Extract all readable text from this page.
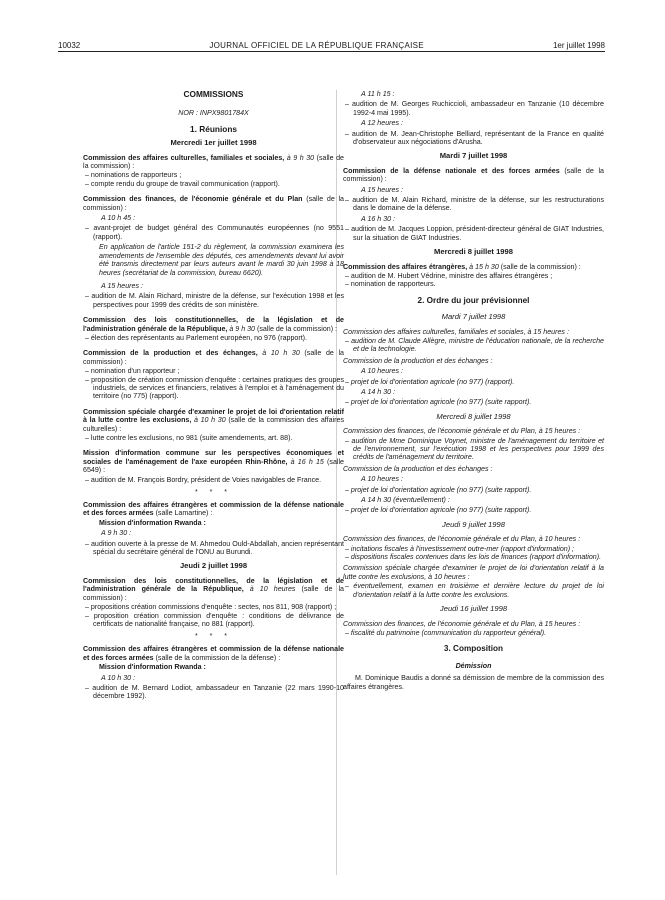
10032	JOURNAL OFFICIEL DE LA RÉPUBLIQUE FRANÇAISE	1er juillet 1998
COMMISSIONS
NOR : INPX9801784X
1. Réunions
Mercredi 1er juillet 1998
Commission des affaires culturelles, familiales et sociales, à 9 h 30 (salle de la commission) :
– nominations de rapporteurs ;
– compte rendu du groupe de travail communication (rapport).
Commission des finances, de l'économie générale et du Plan (salle de la commission) :
A 10 h 45 :
– avant-projet de budget général des Communautés européennes (no 9551 (rapport).
En application de l'article 151-2 du règlement, la commission examinera les amendements de l'ensemble des députés, ces amendements devant lui avoir été transmis directement par leurs auteurs avant le mardi 30 juin 1998 à 18 heures (secrétariat de la commission, bureau 6620).
A 15 heures :
– audition de M. Alain Richard, ministre de la défense, sur l'exécution 1998 et les perspectives pour 1999 des crédits de son ministère.
Commission des lois constitutionnelles, de la législation et de l'administration générale de la République, à 9 h 30 (salle de la commission) :
– élection des représentants au Parlement européen, no 976 (rapport).
Commission de la production et des échanges, à 10 h 30 (salle de la commission) :
– nomination d'un rapporteur ;
– proposition de création commission d'enquête : certaines pratiques des groupes industriels, de services et financiers, relatives à l'emploi et à l'aménagement du territoire (no 775) (rapport).
Commission spéciale chargée d'examiner le projet de loi d'orientation relatif à la lutte contre les exclusions, à 10 h 30 (salle de la commission des affaires culturelles) :
– lutte contre les exclusions, no 981 (suite amendements, art. 88).
Mission d'information commune sur les perspectives économiques et sociales de l'aménagement de l'axe européen Rhin-Rhône, à 16 h 15 (salle 6549) :
– audition de M. François Bordry, président de Voies navigables de France.
* * *
Commission des affaires étrangères et commission de la défense nationale et des forces armées (salle Lamartine) :
Mission d'information Rwanda :
A 9 h 30 :
– audition ouverte à la presse de M. Ahmedou Ould-Abdallah, ancien représentant spécial du secrétaire général de l'ONU au Burundi.
Jeudi 2 juillet 1998
Commission des lois constitutionnelles, de la législation et de l'administration générale de la République, à 10 heures (salle de la commission) :
– propositions création commissions d'enquête : sectes, nos 811, 908 (rapport) ;
– proposition création commission d'enquête : conditions de délivrance de certificats de nationalité française, no 881 (rapport).
* * *
Commission des affaires étrangères et commission de la défense nationale et des forces armées (salle de la commission de la défense) :
Mission d'information Rwanda :
A 10 h 30 :
– audition de M. Bernard Lodiot, ambassadeur en Tanzanie (22 mars 1990-10 décembre 1992).
A 11 h 15 :
– audition de M. Georges Ruchiccioli, ambassadeur en Tanzanie (10 décembre 1992-4 mai 1995).
A 12 heures :
– audition de M. Jean-Christophe Belliard, représentant de la France en qualité d'observateur aux négociations d'Arusha.
Mardi 7 juillet 1998
Commission de la défense nationale et des forces armées (salle de la commission) :
A 15 heures :
– audition de M. Alain Richard, ministre de la défense, sur les restructurations dans le domaine de la défense.
A 16 h 30 :
– audition de M. Jacques Loppion, président-directeur général de GIAT Industries, sur la situation de GIAT Industries.
Mercredi 8 juillet 1998
Commission des affaires étrangères, à 15 h 30 (salle de la commission) :
– audition de M. Hubert Védrine, ministre des affaires étrangères ;
– nomination de rapporteurs.
2. Ordre du jour prévisionnel
Mardi 7 juillet 1998
Commission des affaires culturelles, familiales et sociales, à 15 heures :
– audition de M. Claude Allègre, ministre de l'éducation nationale, de la recherche et de la technologie.
Commission de la production et des échanges :
A 10 heures :
– projet de loi d'orientation agricole (no 977) (rapport).
A 14 h 30 :
– projet de loi d'orientation agricole (no 977) (suite rapport).
Mercredi 8 juillet 1998
Commission des finances, de l'économie générale et du Plan, à 15 heures :
– audition de Mme Dominique Voynet, ministre de l'aménagement du territoire et de l'environnement, sur l'exécution 1998 et les perspectives pour 1999 des crédits de l'aménagement du territoire.
Commission de la production et des échanges :
A 10 heures :
– projet de loi d'orientation agricole (no 977) (suite rapport).
A 14 h 30 (éventuellement) :
– projet de loi d'orientation agricole (no 977) (suite rapport).
Jeudi 9 juillet 1998
Commission des finances, de l'économie générale et du Plan, à 10 heures :
– incitations fiscales à l'investissement outre-mer (rapport d'information) ;
– dispositions fiscales contenues dans les lois de finances (rapport d'information).
Commission spéciale chargée d'examiner le projet de loi d'orientation relatif à la lutte contre les exclusions, à 10 heures :
– éventuellement, examen en troisième et dernière lecture du projet de loi d'orientation relatif à la lutte contre les exclusions.
Jeudi 16 juillet 1998
Commission des finances, de l'économie générale et du Plan, à 15 heures :
– fiscalité du patrimoine (communication du rapporteur général).
3. Composition
Démission
M. Dominique Baudis a donné sa démission de membre de la commission des affaires étrangères.
